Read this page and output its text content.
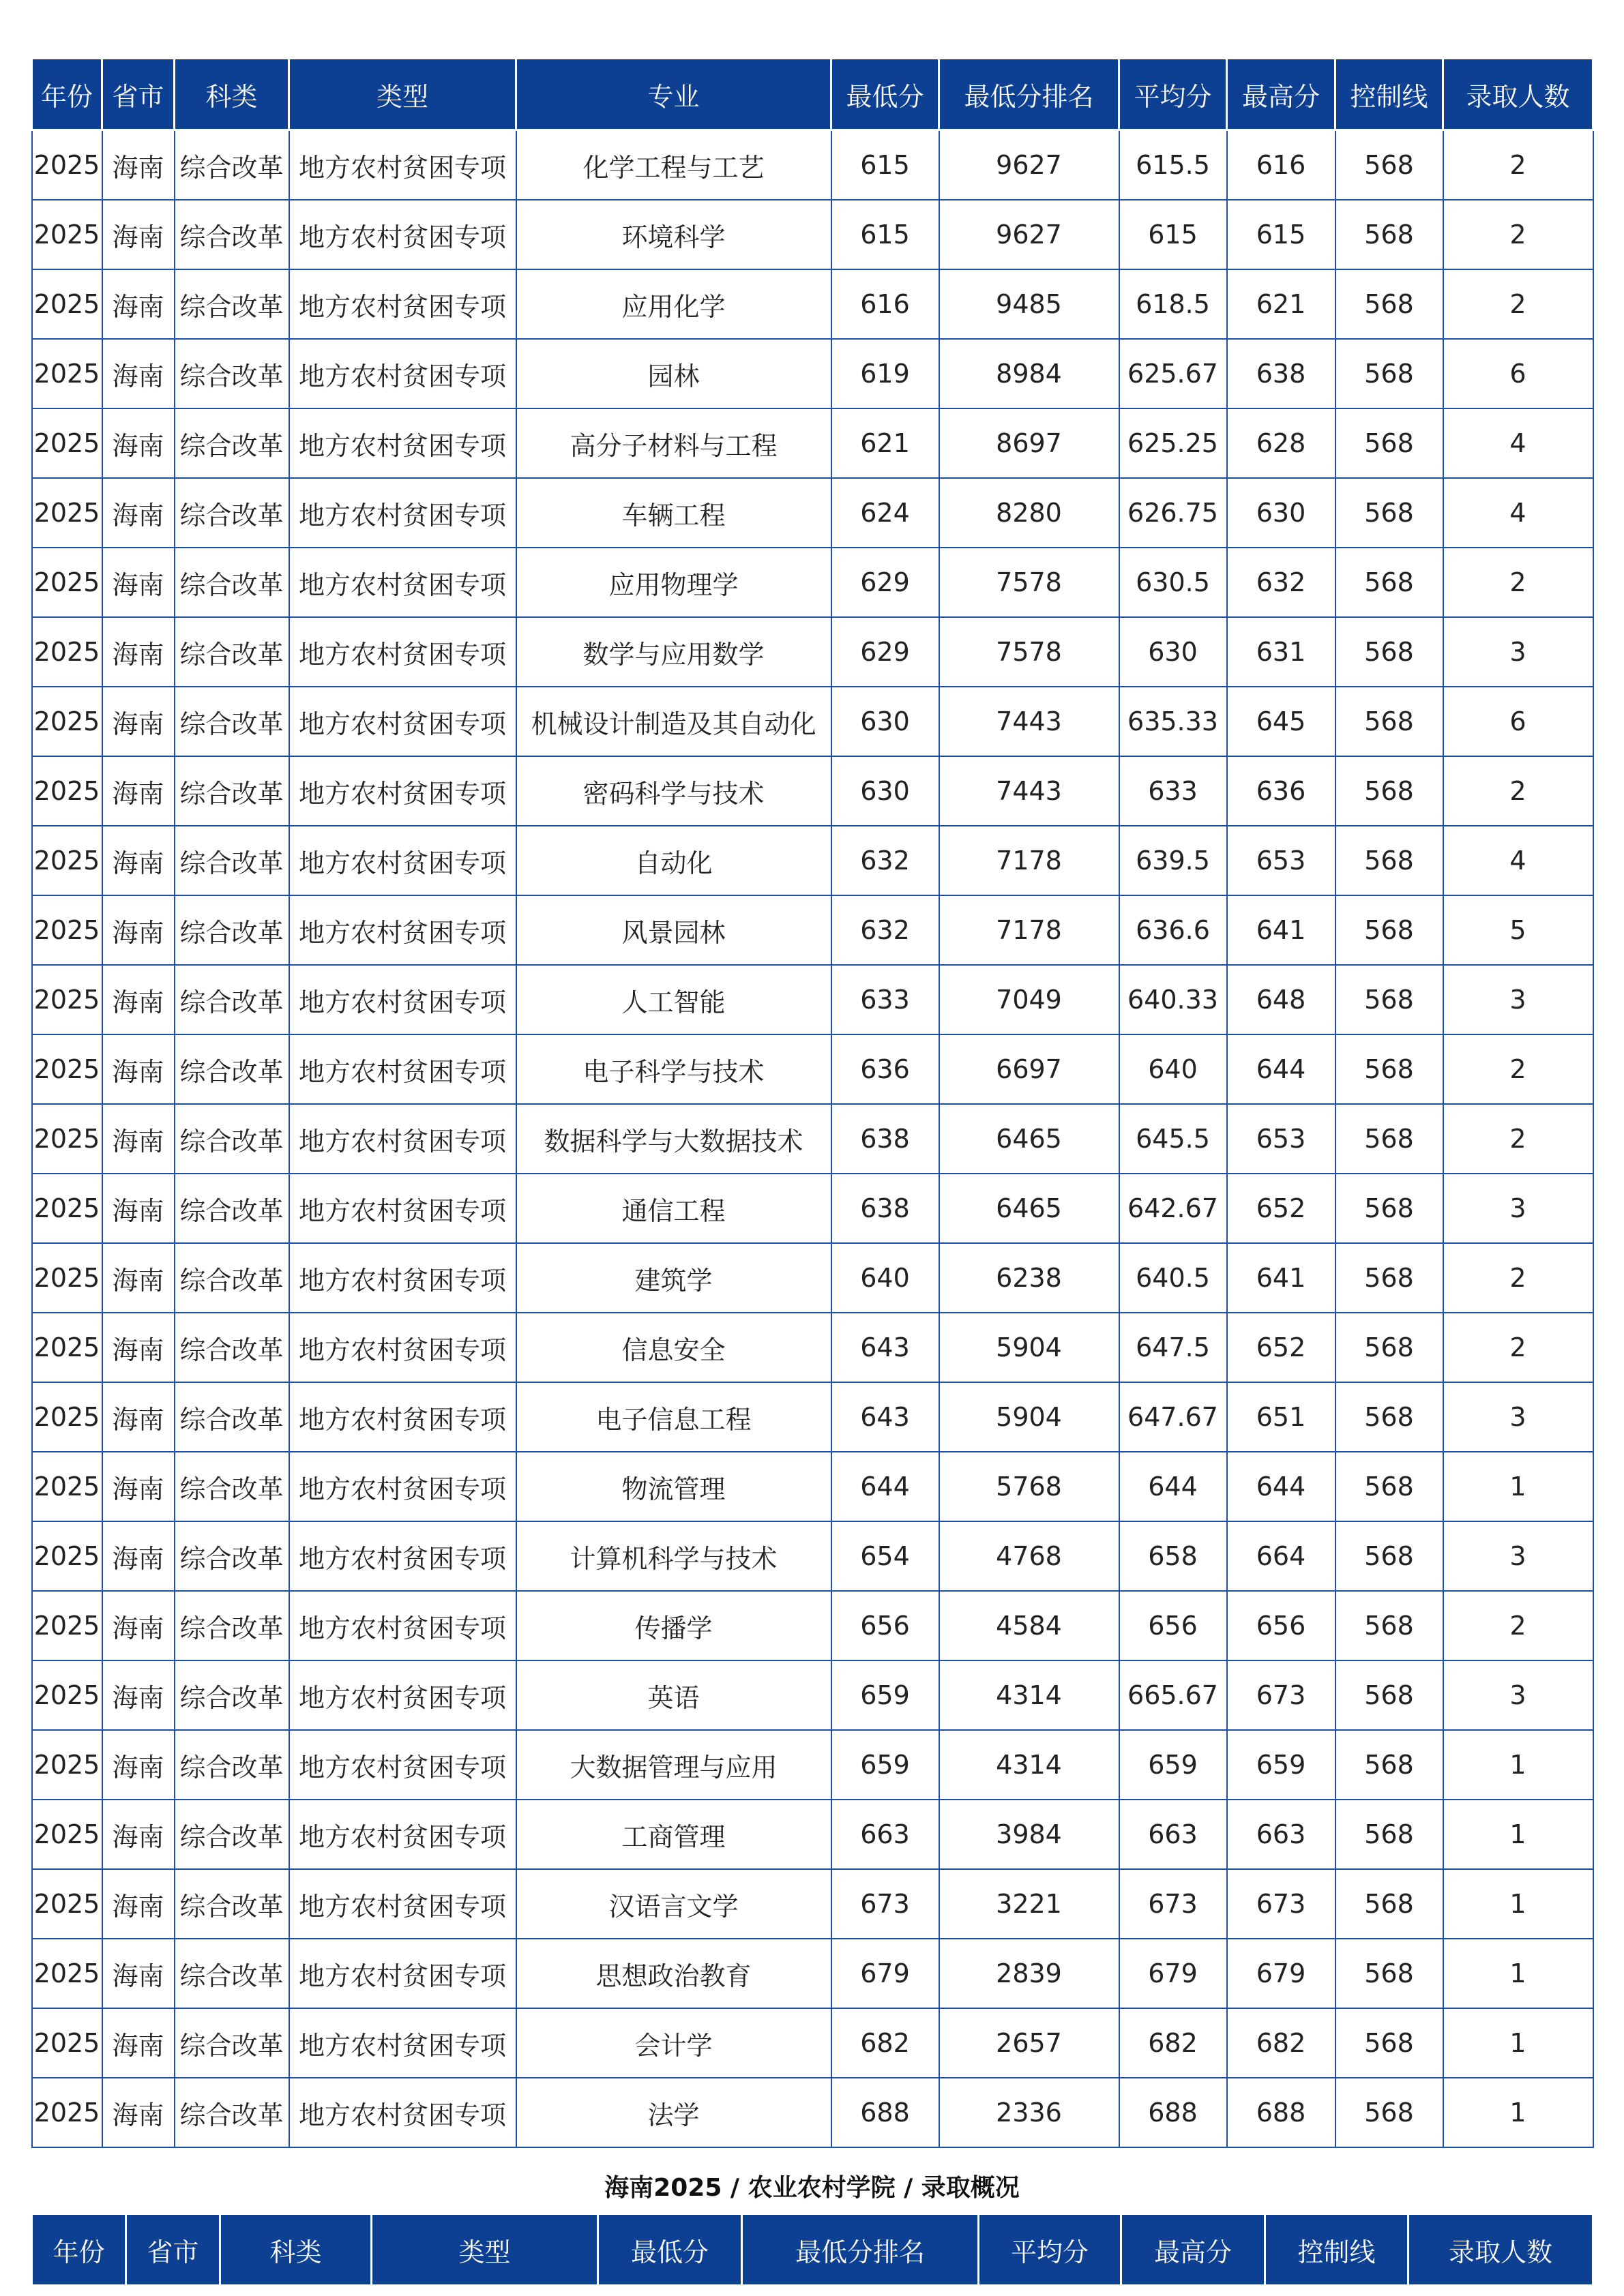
年份	省市	科类	类型	专业	最低分	最低分排名	平均分	最高分	控制线	录取人数
2025	海南	综合改革	地方农村贫困专项	化学工程与工艺	615	9627	615.5	616	568	2
2025	海南	综合改革	地方农村贫困专项	环境科学	615	9627	615	615	568	2
2025	海南	综合改革	地方农村贫困专项	应用化学	616	9485	618.5	621	568	2
2025	海南	综合改革	地方农村贫困专项	园林	619	8984	625.67	638	568	6
2025	海南	综合改革	地方农村贫困专项	高分子材料与工程	621	8697	625.25	628	568	4
2025	海南	综合改革	地方农村贫困专项	车辆工程	624	8280	626.75	630	568	4
2025	海南	综合改革	地方农村贫困专项	应用物理学	629	7578	630.5	632	568	2
2025	海南	综合改革	地方农村贫困专项	数学与应用数学	629	7578	630	631	568	3
2025	海南	综合改革	地方农村贫困专项	机械设计制造及其自动化	630	7443	635.33	645	568	6
2025	海南	综合改革	地方农村贫困专项	密码科学与技术	630	7443	633	636	568	2
2025	海南	综合改革	地方农村贫困专项	自动化	632	7178	639.5	653	568	4
2025	海南	综合改革	地方农村贫困专项	风景园林	632	7178	636.6	641	568	5
2025	海南	综合改革	地方农村贫困专项	人工智能	633	7049	640.33	648	568	3
2025	海南	综合改革	地方农村贫困专项	电子科学与技术	636	6697	640	644	568	2
2025	海南	综合改革	地方农村贫困专项	数据科学与大数据技术	638	6465	645.5	653	568	2
2025	海南	综合改革	地方农村贫困专项	通信工程	638	6465	642.67	652	568	3
2025	海南	综合改革	地方农村贫困专项	建筑学	640	6238	640.5	641	568	2
2025	海南	综合改革	地方农村贫困专项	信息安全	643	5904	647.5	652	568	2
2025	海南	综合改革	地方农村贫困专项	电子信息工程	643	5904	647.67	651	568	3
2025	海南	综合改革	地方农村贫困专项	物流管理	644	5768	644	644	568	1
2025	海南	综合改革	地方农村贫困专项	计算机科学与技术	654	4768	658	664	568	3
2025	海南	综合改革	地方农村贫困专项	传播学	656	4584	656	656	568	2
2025	海南	综合改革	地方农村贫困专项	英语	659	4314	665.67	673	568	3
2025	海南	综合改革	地方农村贫困专项	大数据管理与应用	659	4314	659	659	568	1
2025	海南	综合改革	地方农村贫困专项	工商管理	663	3984	663	663	568	1
2025	海南	综合改革	地方农村贫困专项	汉语言文学	673	3221	673	673	568	1
2025	海南	综合改革	地方农村贫困专项	思想政治教育	679	2839	679	679	568	1
2025	海南	综合改革	地方农村贫困专项	会计学	682	2657	682	682	568	1
2025	海南	综合改革	地方农村贫困专项	法学	688	2336	688	688	568	1
海南2025 / 农业农村学院 / 录取概况
年份	省市	科类	类型	最低分	最低分排名	平均分	最高分	控制线	录取人数
